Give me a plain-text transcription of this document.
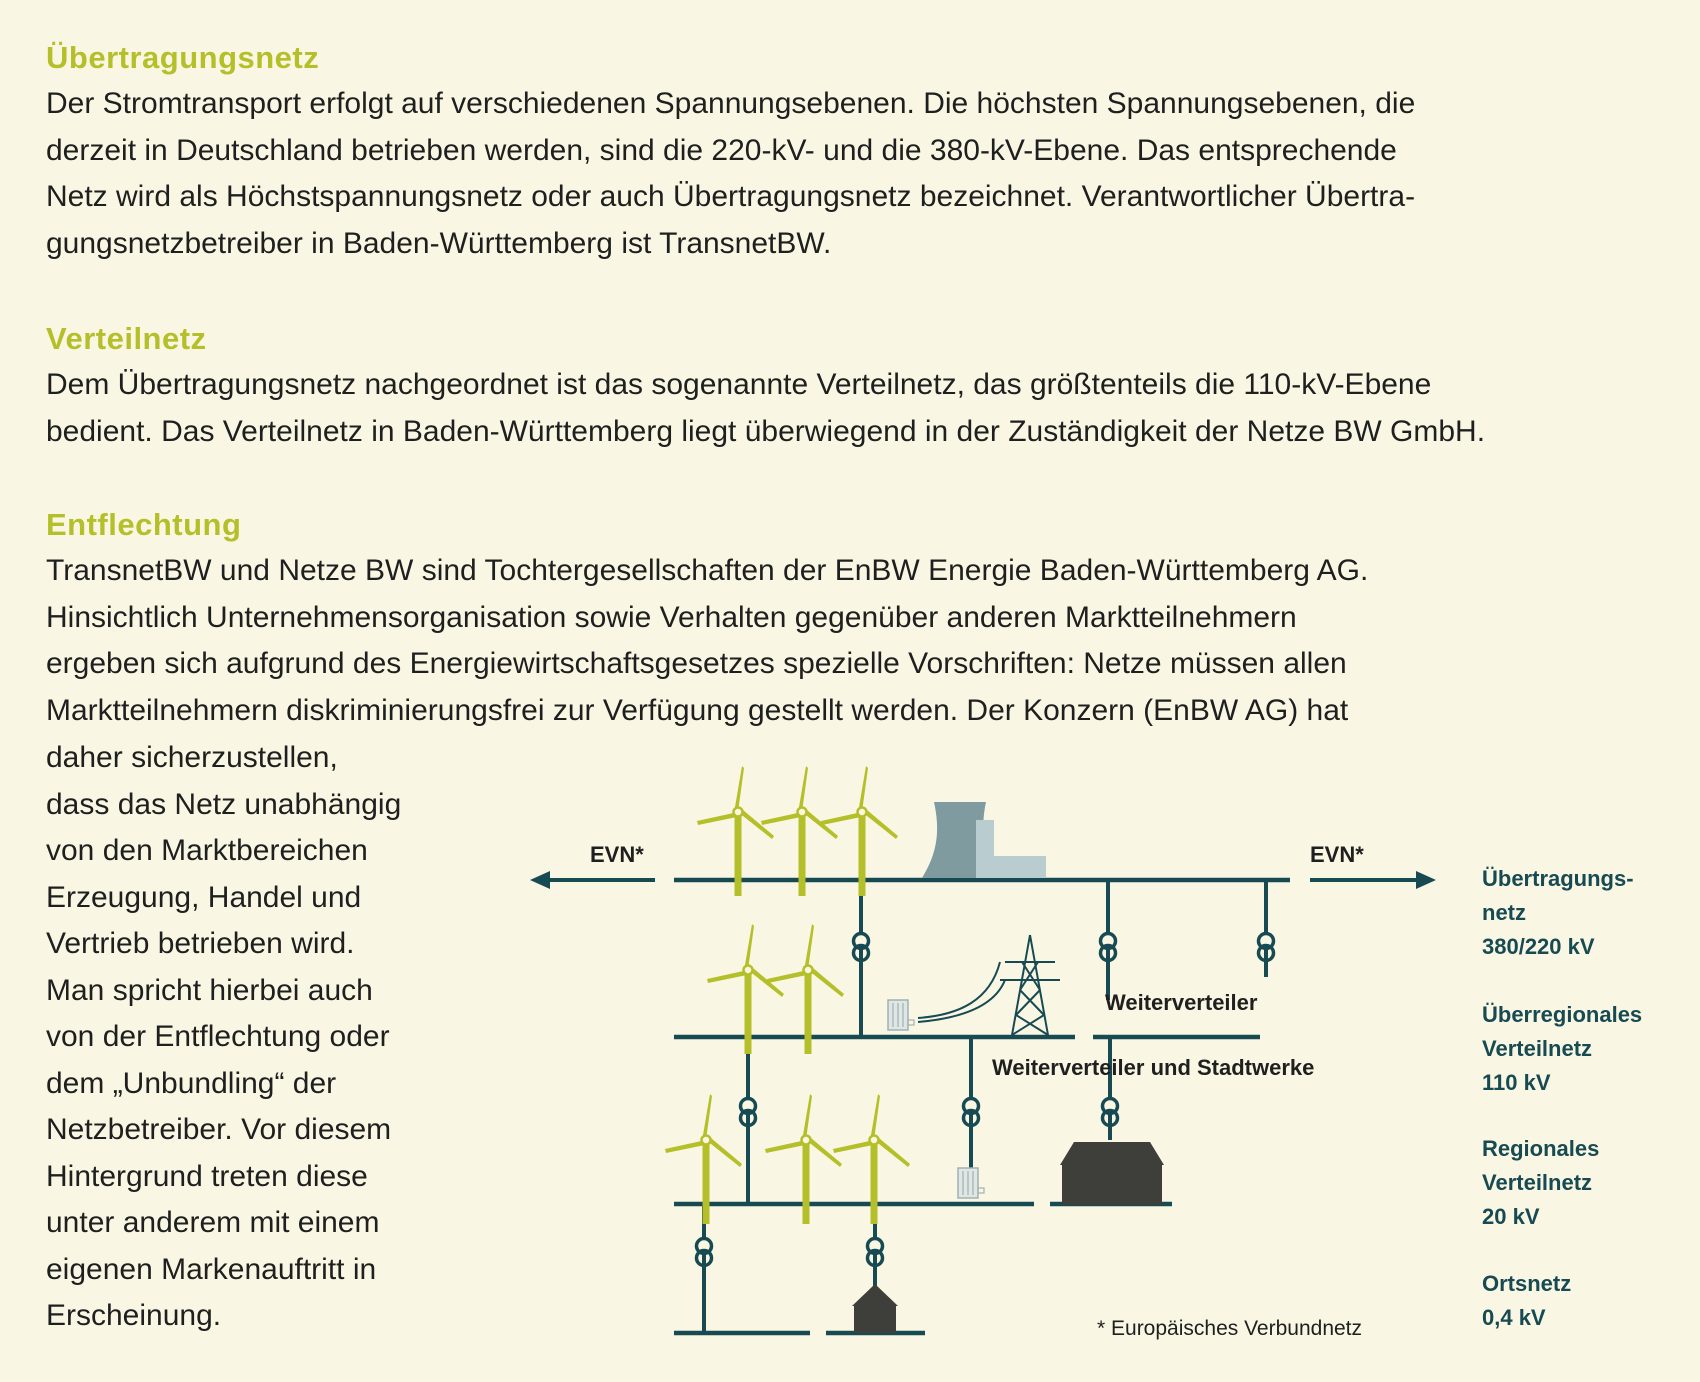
Übertragungsnetz

Der Stromtransport erfolgt auf verschiedenen Spannungsebenen. Die höchsten Spannungsebenen, die
derzeit in Deutschland betrieben werden, sind die 220-kV- und die 380-kV-Ebene. Das entsprechende
Netz wird als Höchstspannungsnetz oder auch Übertragungsnetz bezeichnet. Verantwortlicher Übertra-
gungsnetzbetreiber in Baden-Württemberg ist TransnetBW.

Verteilnetz

Dem Übertragungsnetz nachgeordnet ist das sogenannte Verteilnetz, das größtenteils die 110-kV-Ebene
bedient. Das Verteilnetz in Baden-Württemberg liegt überwiegend in der Zuständigkeit der Netze BW GmbH.

Entflechtung

TransnetBW und Netze BW sind Tochtergesellschaften der EnBW Energie Baden-Württemberg AG.
Hinsichtlich Unternehmensorganisation sowie Verhalten gegenüber anderen Marktteilnehmern
ergeben sich aufgrund des Energiewirtschaftsgesetzes spezielle Vorschriften: Netze müssen allen
Marktteilnehmern diskriminierungsfrei zur Verfügung gestellt werden. Der Konzern (EnBW AG) hat

daher sicherzustellen,
dass das Netz unabhängig
von den Marktbereichen
Erzeugung, Handel und
Vertrieb betrieben wird.
Man spricht hierbei auch
von der Entflechtung oder
dem „Unbundling“ der
Netzbetreiber. Vor diesem
Hintergrund treten diese
unter anderem mit einem
eigenen Markenauftritt in
Erscheinung.

EVN*	EVN*
Weiterverteiler
Weiterverteiler und Stadtwerke
* Europäisches Verbundnetz
Übertragungs-
netz
380/220 kV
Überregionales
Verteilnetz
110 kV
Regionales
Verteilnetz
20 kV
Ortsnetz
0,4 kV
